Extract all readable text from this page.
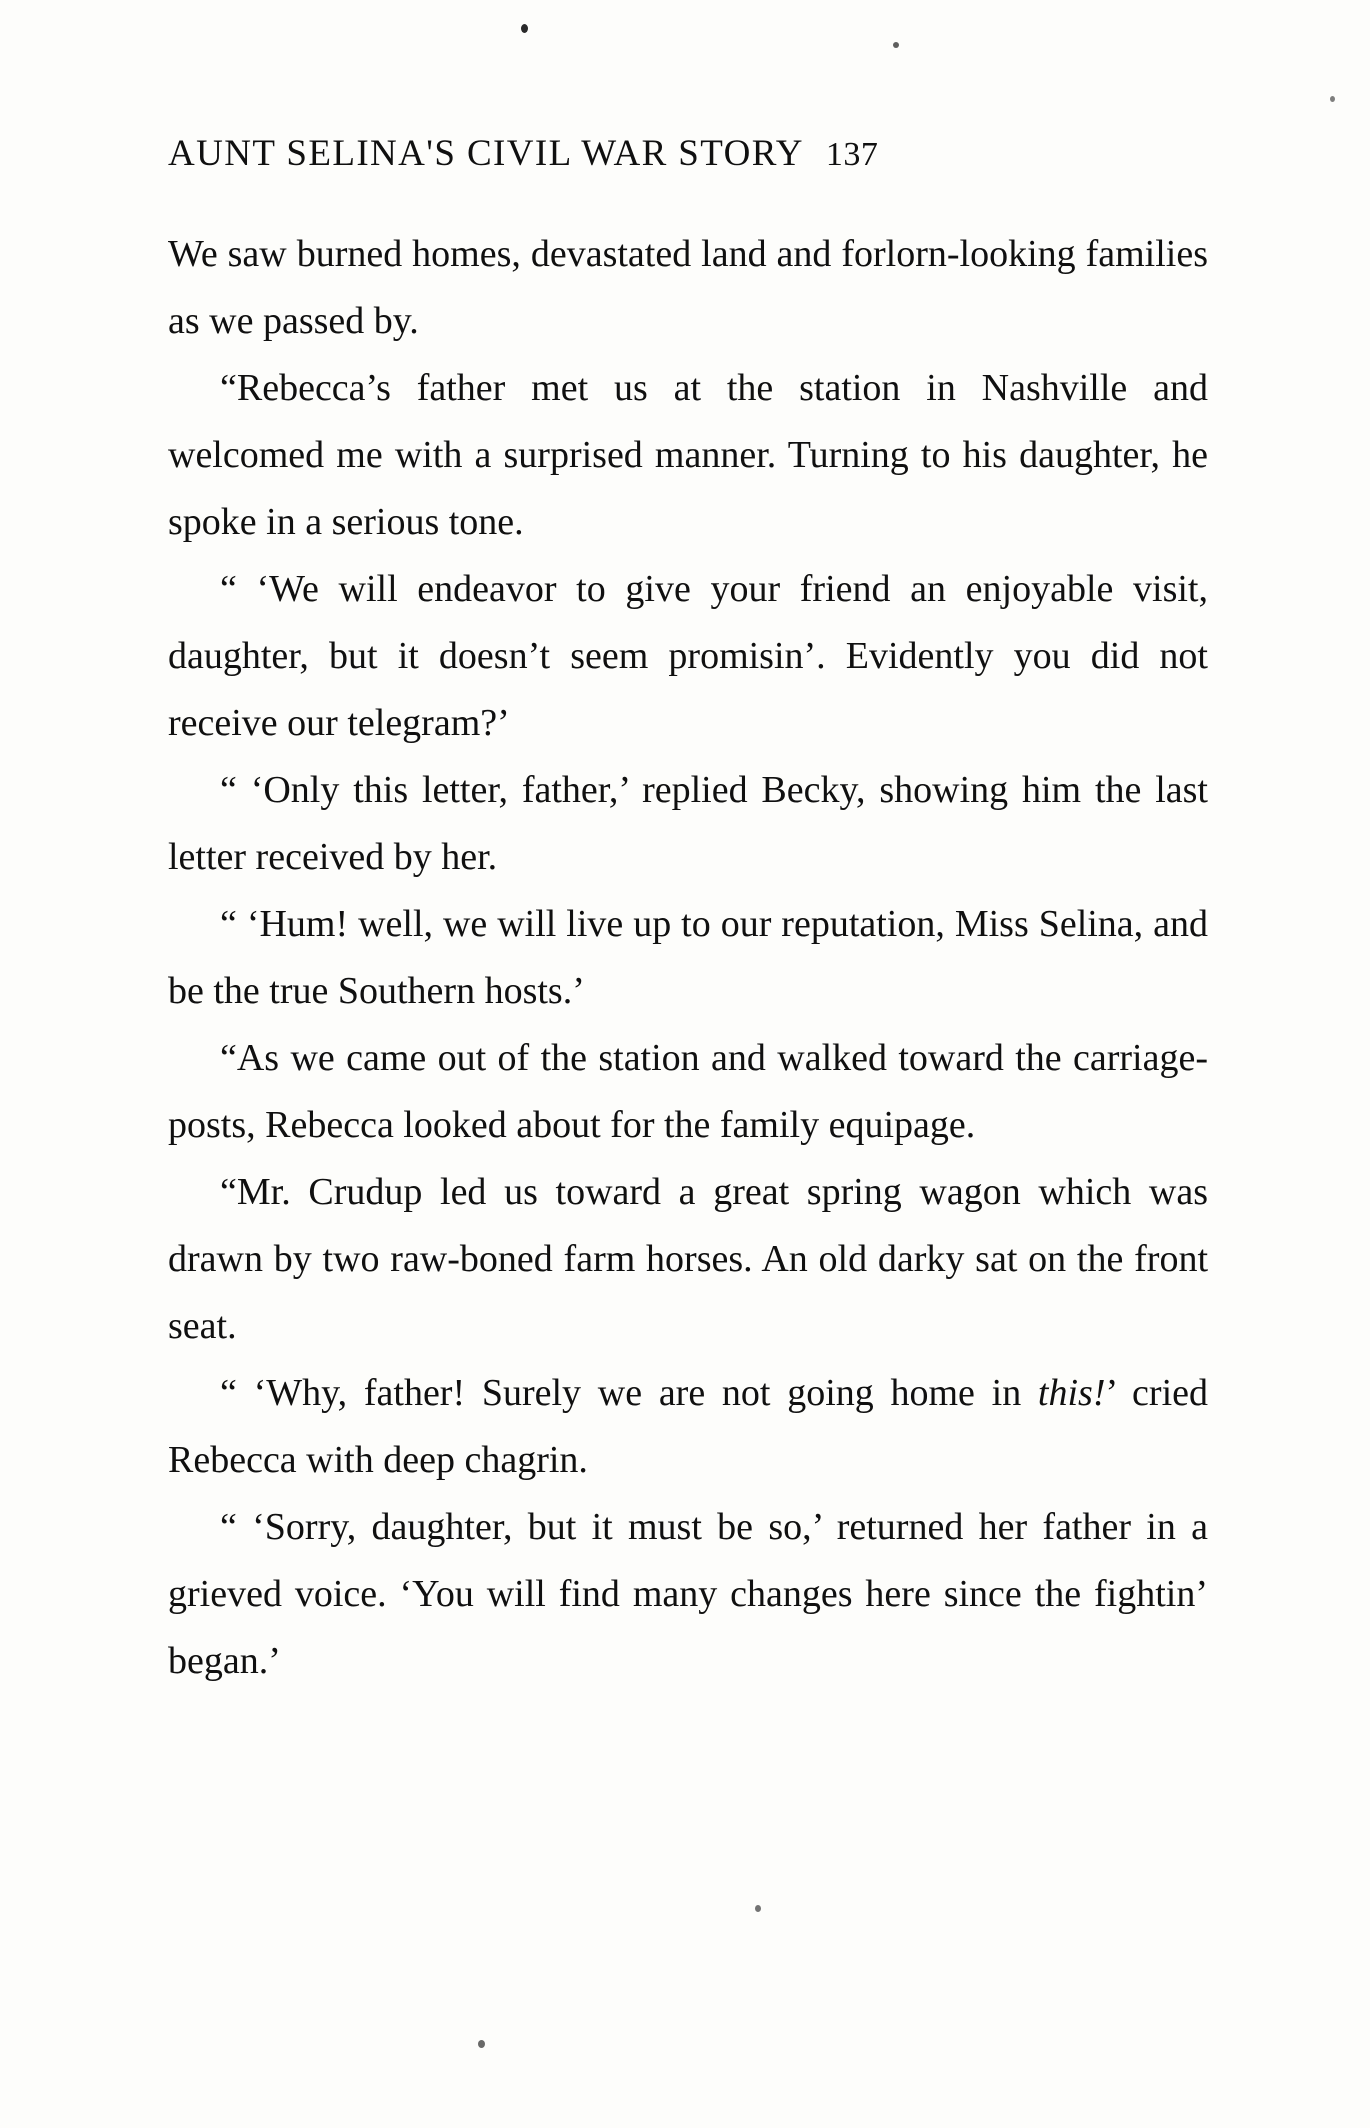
AUNT SELINA'S CIVIL WAR STORY 137

We saw burned homes, devastated land and forlorn-looking families as we passed by.

“Rebecca’s father met us at the station in Nashville and welcomed me with a surprised manner. Turning to his daughter, he spoke in a serious tone.

“ ‘We will endeavor to give your friend an enjoyable visit, daughter, but it doesn’t seem promisin’. Evidently you did not receive our telegram?’

“ ‘Only this letter, father,’ replied Becky, showing him the last letter received by her.

“ ‘Hum! well, we will live up to our reputation, Miss Selina, and be the true Southern hosts.’

“As we came out of the station and walked toward the carriage-posts, Rebecca looked about for the family equipage.

“Mr. Crudup led us toward a great spring wagon which was drawn by two raw-boned farm horses. An old darky sat on the front seat.

“ ‘Why, father! Surely we are not going home in this!’ cried Rebecca with deep chagrin.

“ ‘Sorry, daughter, but it must be so,’ returned her father in a grieved voice. ‘You will find many changes here since the fightin’ began.’
